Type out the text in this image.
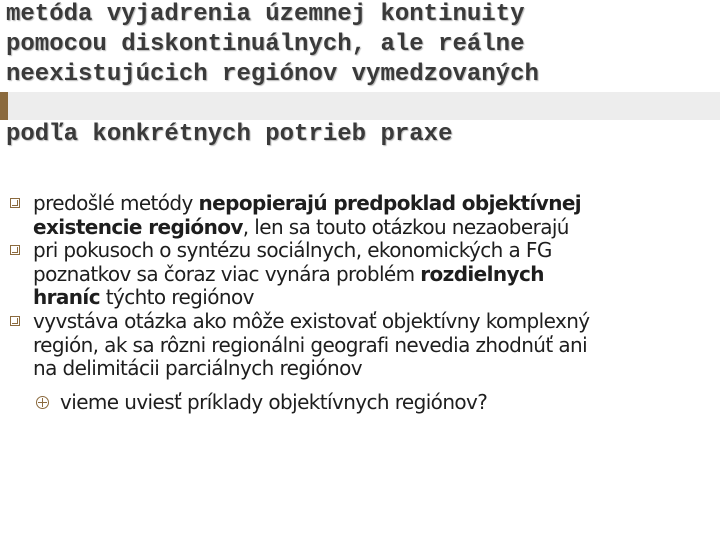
metóda vyjadrenia územnej kontinuity
pomocou diskontinuálnych, ale reálne
neexistujúcich regiónov vymedzovaných
podľa konkrétnych potrieb praxe
predošlé metódy nepopierajú predpoklad objektívnej
existencie regiónov, len sa touto otázkou nezaoberajú
pri pokusoch o syntézu sociálnych, ekonomických a FG
poznatkov sa čoraz viac vynára problém rozdielnych
hraníc týchto regiónov
vyvstáva otázka ako môže existovať objektívny komplexný
región, ak sa rôzni regionálni geografi nevedia zhodnúť ani
na delimitácii parciálnych regiónov
vieme uviesť príklady objektívnych regiónov?
